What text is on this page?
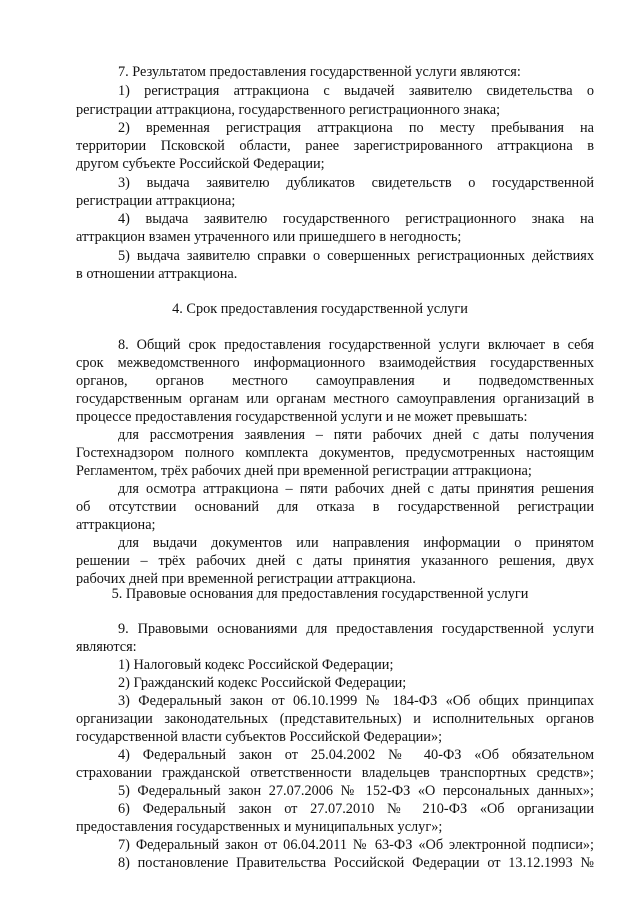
7. Результатом предоставления государственной услуги являются:
1) регистрация аттракциона с выдачей заявителю свидетельства о
регистрации аттракциона, государственного регистрационного знака;
2) временная регистрация аттракциона по месту пребывания на
территории Псковской области, ранее зарегистрированного аттракциона в
другом субъекте Российской Федерации;
3) выдача заявителю дубликатов свидетельств о государственной
регистрации аттракциона;
4) выдача заявителю государственного регистрационного знака на
аттракцион взамен утраченного или пришедшего в негодность;
5) выдача заявителю справки о совершенных регистрационных действиях
в отношении аттракциона.
4. Срок предоставления государственной услуги
8. Общий срок предоставления государственной услуги включает в себя
срок межведомственного информационного взаимодействия государственных
органов, органов местного самоуправления и подведомственных
государственным органам или органам местного самоуправления организаций в
процессе предоставления государственной услуги и не может превышать:
для рассмотрения заявления – пяти рабочих дней с даты получения
Гостехнадзором полного комплекта документов, предусмотренных настоящим
Регламентом, трёх рабочих дней при временной регистрации аттракциона;
для осмотра аттракциона – пяти рабочих дней с даты принятия решения
об отсутствии оснований для отказа в государственной регистрации
аттракциона;
для выдачи документов или направления информации о принятом
решении – трёх рабочих дней с даты принятия указанного решения, двух
рабочих дней при временной регистрации аттракциона.
5. Правовые основания для предоставления государственной услуги
9. Правовыми основаниями для предоставления государственной услуги
являются:
1) Налоговый кодекс Российской Федерации;
2) Гражданский кодекс Российской Федерации;
3) Федеральный закон от 06.10.1999 № 184-ФЗ «Об общих принципах
организации законодательных (представительных) и исполнительных органов
государственной власти субъектов Российской Федерации»;
4) Федеральный закон от 25.04.2002 № 40-ФЗ «Об обязательном
страховании гражданской ответственности владельцев транспортных средств»;
5) Федеральный закон 27.07.2006 № 152-ФЗ «О персональных данных»;
6) Федеральный закон от 27.07.2010 № 210-ФЗ «Об организации
предоставления государственных и муниципальных услуг»;
7) Федеральный закон от 06.04.2011 № 63-ФЗ «Об электронной подписи»;
8) постановление Правительства Российской Федерации от 13.12.1993 №
